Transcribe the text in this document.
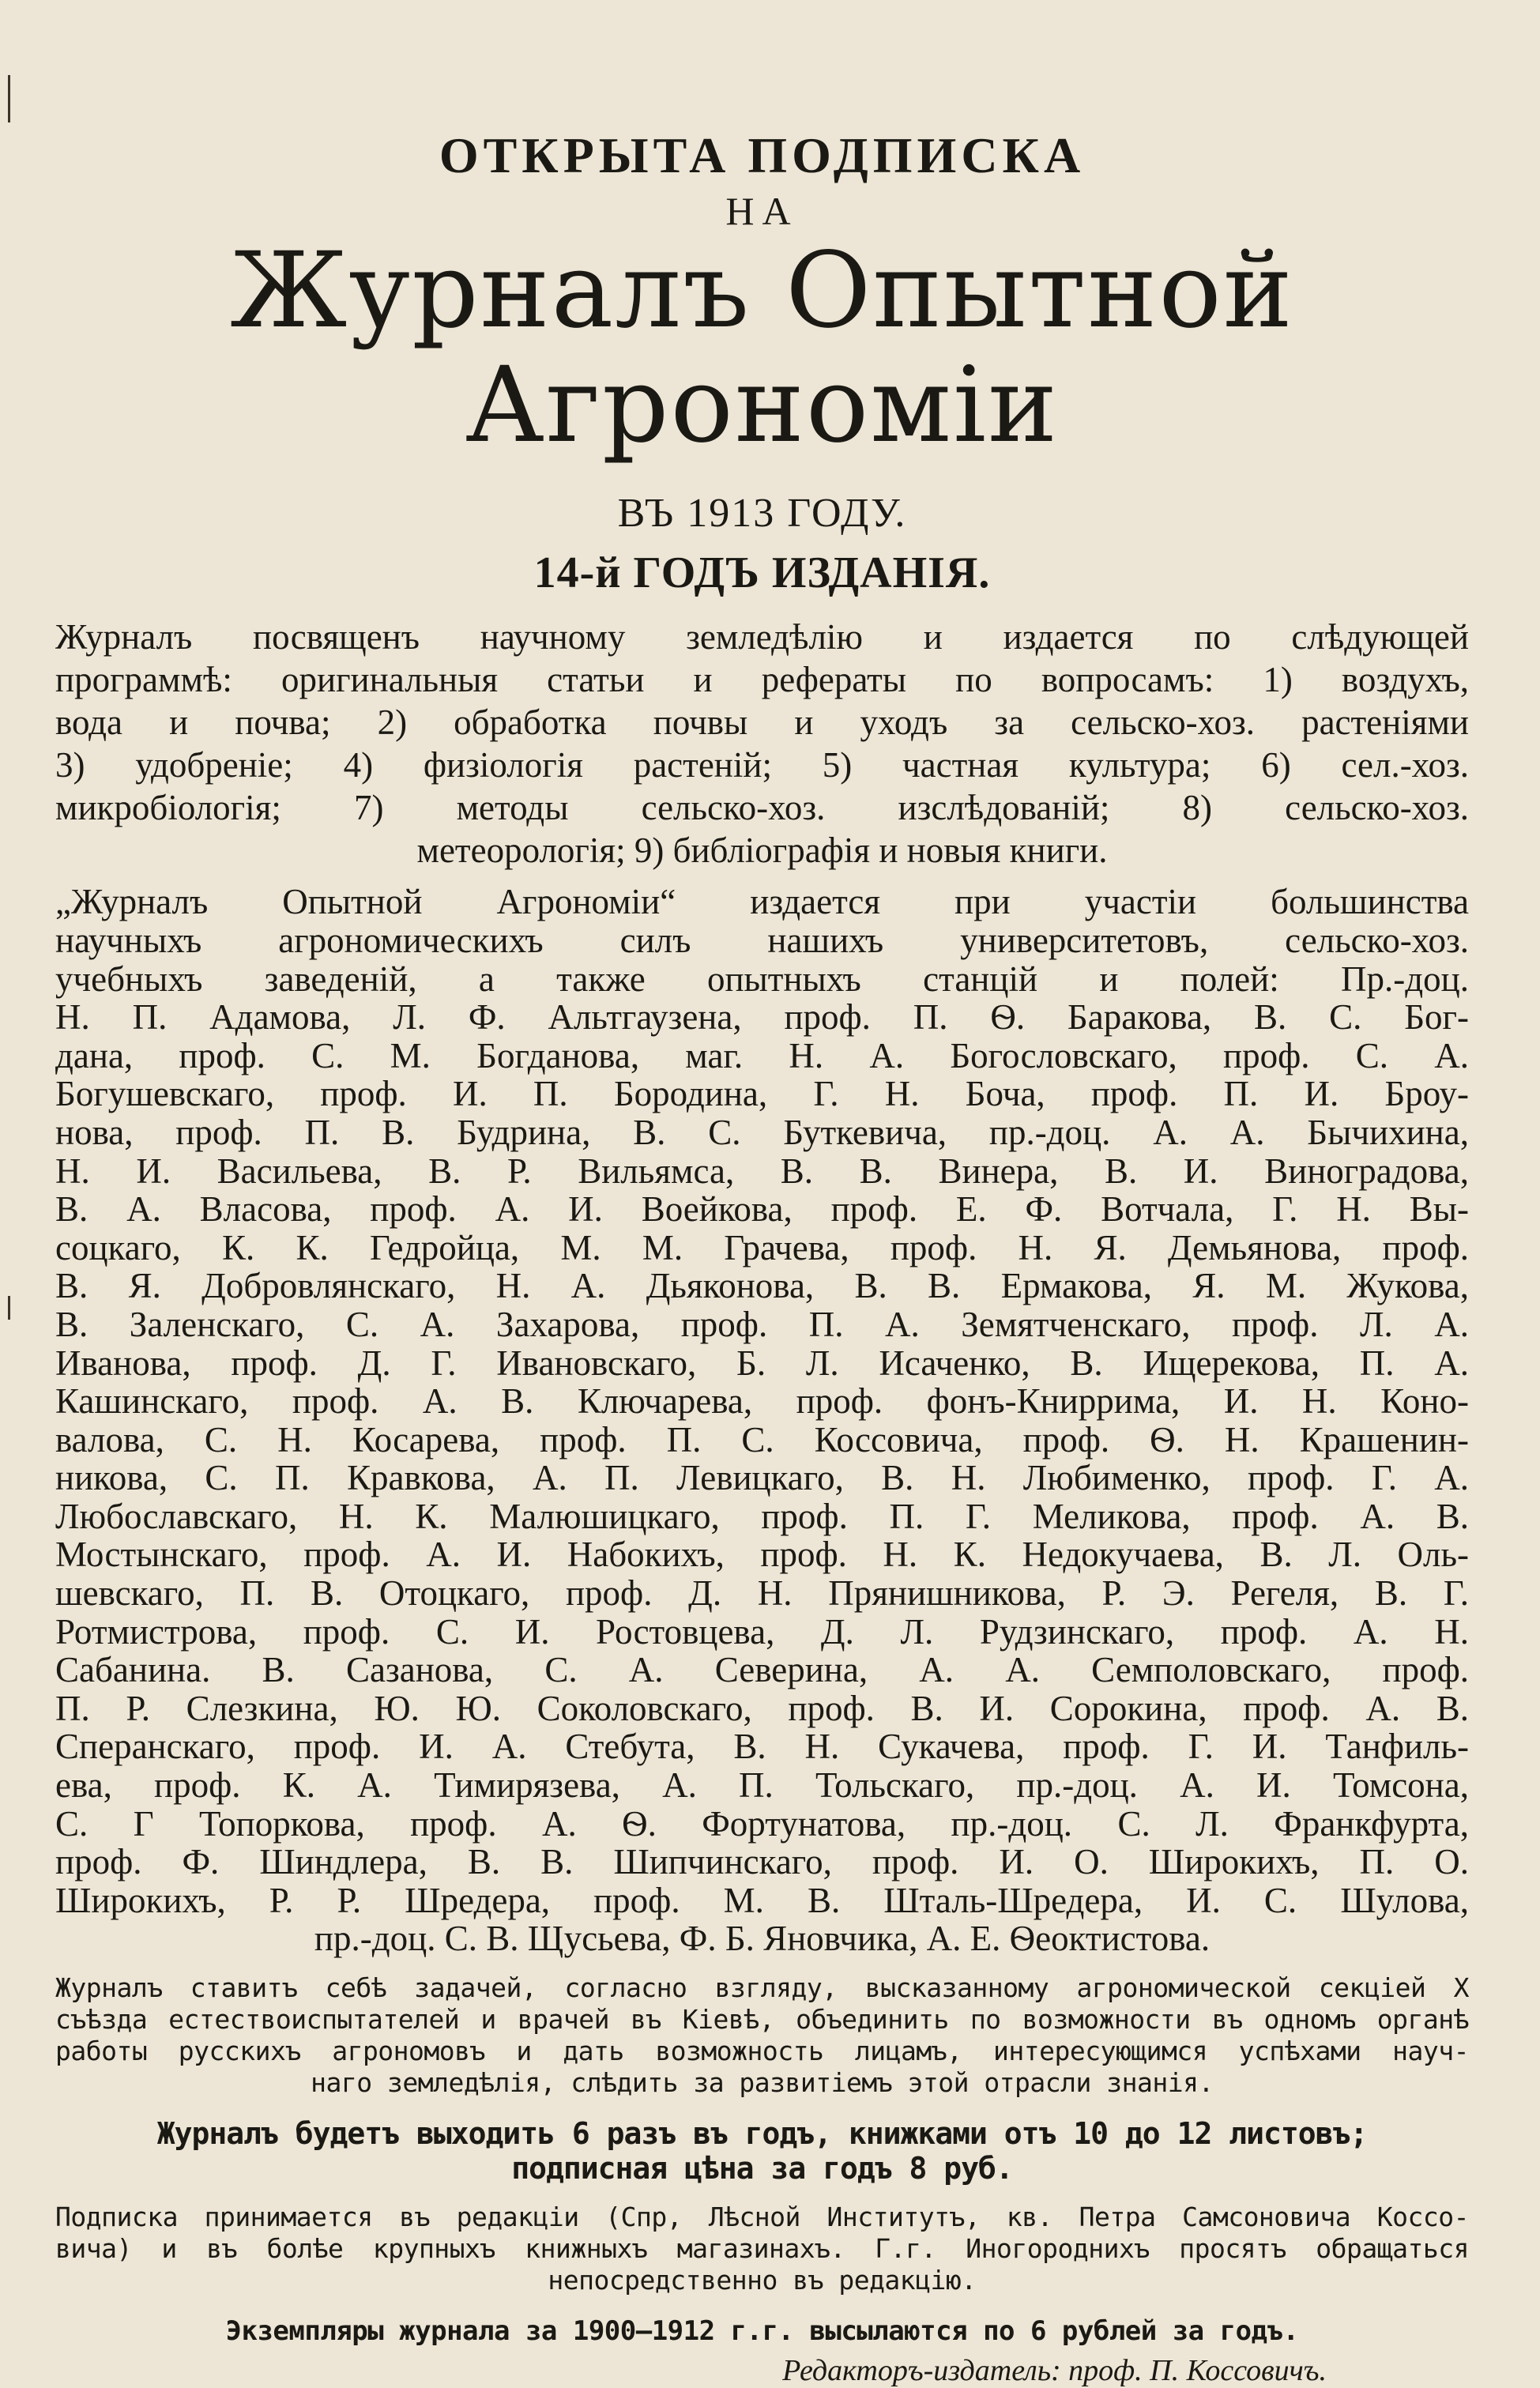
ОТКРЫТА ПОДПИСКА
НА
Журналъ Опытной Агрономіи
ВЪ 1913 ГОДУ.
14-й ГОДЪ ИЗДАНІЯ.
Журналъ посвященъ научному земледѣлію и издается по слѣдующей
программѣ: оригинальныя статьи и рефераты по вопросамъ: 1) воздухъ,
вода и почва; 2) обработка почвы и уходъ за сельско-хоз. растеніями
3) удобреніе; 4) физіологія растеній; 5) частная культура; 6) сел.-хоз.
микробіологія; 7) методы сельско-хоз. изслѣдованій; 8) сельско-хоз.
метеорологія; 9) библіографія и новыя книги.
„Журналъ Опытной Агрономіи“ издается при участіи большинства
научныхъ агрономическихъ силъ нашихъ университетовъ, сельско-хоз.
учебныхъ заведеній, а также опытныхъ станцій и полей: Пр.-доц.
Н. П. Адамова, Л. Ф. Альтгаузена, проф. П. Ѳ. Баракова, В. С. Бог-
дана, проф. С. М. Богданова, маг. Н. А. Богословскаго, проф. С. А.
Богушевскаго, проф. И. П. Бородина, Г. Н. Боча, проф. П. И. Броу-
нова, проф. П. В. Будрина, В. С. Буткевича, пр.-доц. А. А. Бычихина,
Н. И. Васильева, В. Р. Вильямса, В. В. Винера, В. И. Виноградова,
В. А. Власова, проф. А. И. Воейкова, проф. Е. Ф. Вотчала, Г. Н. Вы-
соцкаго, К. К. Гедройца, М. М. Грачева, проф. Н. Я. Демьянова, проф.
В. Я. Добровлянскаго, Н. А. Дьяконова, В. В. Ермакова, Я. М. Жукова,
В. Заленскаго, С. А. Захарова, проф. П. А. Земятченскаго, проф. Л. А.
Иванова, проф. Д. Г. Ивановскаго, Б. Л. Исаченко, В. Ищерекова, П. А.
Кашинскаго, проф. А. В. Ключарева, проф. фонъ-Книррима, И. Н. Коно-
валова, С. Н. Косарева, проф. П. С. Коссовича, проф. Ѳ. Н. Крашенин-
никова, С. П. Кравкова, А. П. Левицкаго, В. Н. Любименко, проф. Г. А.
Любославскаго, Н. К. Малюшицкаго, проф. П. Г. Меликова, проф. А. В.
Мостынскаго, проф. А. И. Набокихъ, проф. Н. К. Недокучаева, В. Л. Оль-
шевскаго, П. В. Отоцкаго, проф. Д. Н. Прянишникова, Р. Э. Регеля, В. Г.
Ротмистрова, проф. С. И. Ростовцева, Д. Л. Рудзинскаго, проф. А. Н.
Сабанина. В. Сазанова, С. А. Северина, А. А. Семполовскаго, проф.
П. Р. Слезкина, Ю. Ю. Соколовскаго, проф. В. И. Сорокина, проф. А. В.
Сперанскаго, проф. И. А. Стебута, В. Н. Сукачева, проф. Г. И. Танфиль-
ева, проф. К. А. Тимирязева, А. П. Тольскаго, пр.-доц. А. И. Томсона,
С. Г Топоркова, проф. А. Ѳ. Фортунатова, пр.-доц. С. Л. Франкфурта,
проф. Ф. Шиндлера, В. В. Шипчинскаго, проф. И. О. Широкихъ, П. О.
Широкихъ, Р. Р. Шредера, проф. М. В. Шталь-Шредера, И. С. Шулова,
пр.-доц. С. В. Щусьева, Ф. Б. Яновчика, А. Е. Ѳеоктистова.
Журналъ ставитъ себѣ задачей, согласно взгляду, высказанному агрономической секціей X
съѣзда естествоиспытателей и врачей въ Кіевѣ, объединить по возможности въ одномъ органѣ
работы русскихъ агрономовъ и дать возможность лицамъ, интересующимся успѣхами науч-
наго земледѣлія, слѣдить за развитіемъ этой отрасли знанія.
Журналъ будетъ выходить 6 разъ въ годъ, книжками отъ 10 до 12 листовъ;
подписная цѣна за годъ 8 руб.
Подписка принимается въ редакціи (Спр, Лѣсной Институтъ, кв. Петра Самсоновича Коссо-
вича) и въ болѣе крупныхъ книжныхъ магазинахъ. Г.г. Иногороднихъ просятъ обращаться
непосредственно въ редакцію.
Экземпляры журнала за 1900—1912 г.г. высылаются по 6 рублей за годъ.
Редакторъ-издатель: проф. П. Коссовичъ.
